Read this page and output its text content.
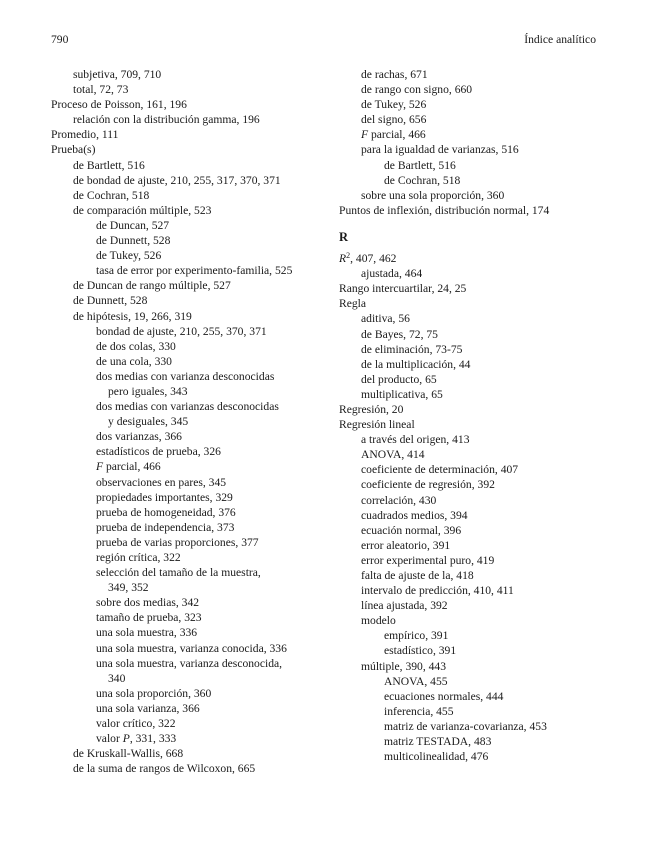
790	Índice analítico
subjetiva, 709, 710
total, 72, 73
Proceso de Poisson, 161, 196
relación con la distribución gamma, 196
Promedio, 111
Prueba(s)
de Bartlett, 516
de bondad de ajuste, 210, 255, 317, 370, 371
de Cochran, 518
de comparación múltiple, 523
de Duncan, 527
de Dunnett, 528
de Tukey, 526
tasa de error por experimento-familia, 525
de Duncan de rango múltiple, 527
de Dunnett, 528
de hipótesis, 19, 266, 319
bondad de ajuste, 210, 255, 370, 371
de dos colas, 330
de una cola, 330
dos medias con varianza desconocidas
pero iguales, 343
dos medias con varianzas desconocidas
y desiguales, 345
dos varianzas, 366
estadísticos de prueba, 326
F parcial, 466
observaciones en pares, 345
propiedades importantes, 329
prueba de homogeneidad, 376
prueba de independencia, 373
prueba de varias proporciones, 377
región crítica, 322
selección del tamaño de la muestra,
349, 352
sobre dos medias, 342
tamaño de prueba, 323
una sola muestra, 336
una sola muestra, varianza conocida, 336
una sola muestra, varianza desconocida,
340
una sola proporción, 360
una sola varianza, 366
valor crítico, 322
valor P, 331, 333
de Kruskall-Wallis, 668
de la suma de rangos de Wilcoxon, 665
de rachas, 671
de rango con signo, 660
de Tukey, 526
del signo, 656
F parcial, 466
para la igualdad de varianzas, 516
de Bartlett, 516
de Cochran, 518
sobre una sola proporción, 360
Puntos de inflexión, distribución normal, 174
R
$R^2$, 407, 462
ajustada, 464
Rango intercuartilar, 24, 25
Regla
aditiva, 56
de Bayes, 72, 75
de eliminación, 73-75
de la multiplicación, 44
del producto, 65
multiplicativa, 65
Regresión, 20
Regresión lineal
a través del origen, 413
ANOVA, 414
coeficiente de determinación, 407
coeficiente de regresión, 392
correlación, 430
cuadrados medios, 394
ecuación normal, 396
error aleatorio, 391
error experimental puro, 419
falta de ajuste de la, 418
intervalo de predicción, 410, 411
línea ajustada, 392
modelo
empírico, 391
estadístico, 391
múltiple, 390, 443
ANOVA, 455
ecuaciones normales, 444
inferencia, 455
matriz de varianza-covarianza, 453
matriz TESTADA, 483
multicolinealidad, 476
